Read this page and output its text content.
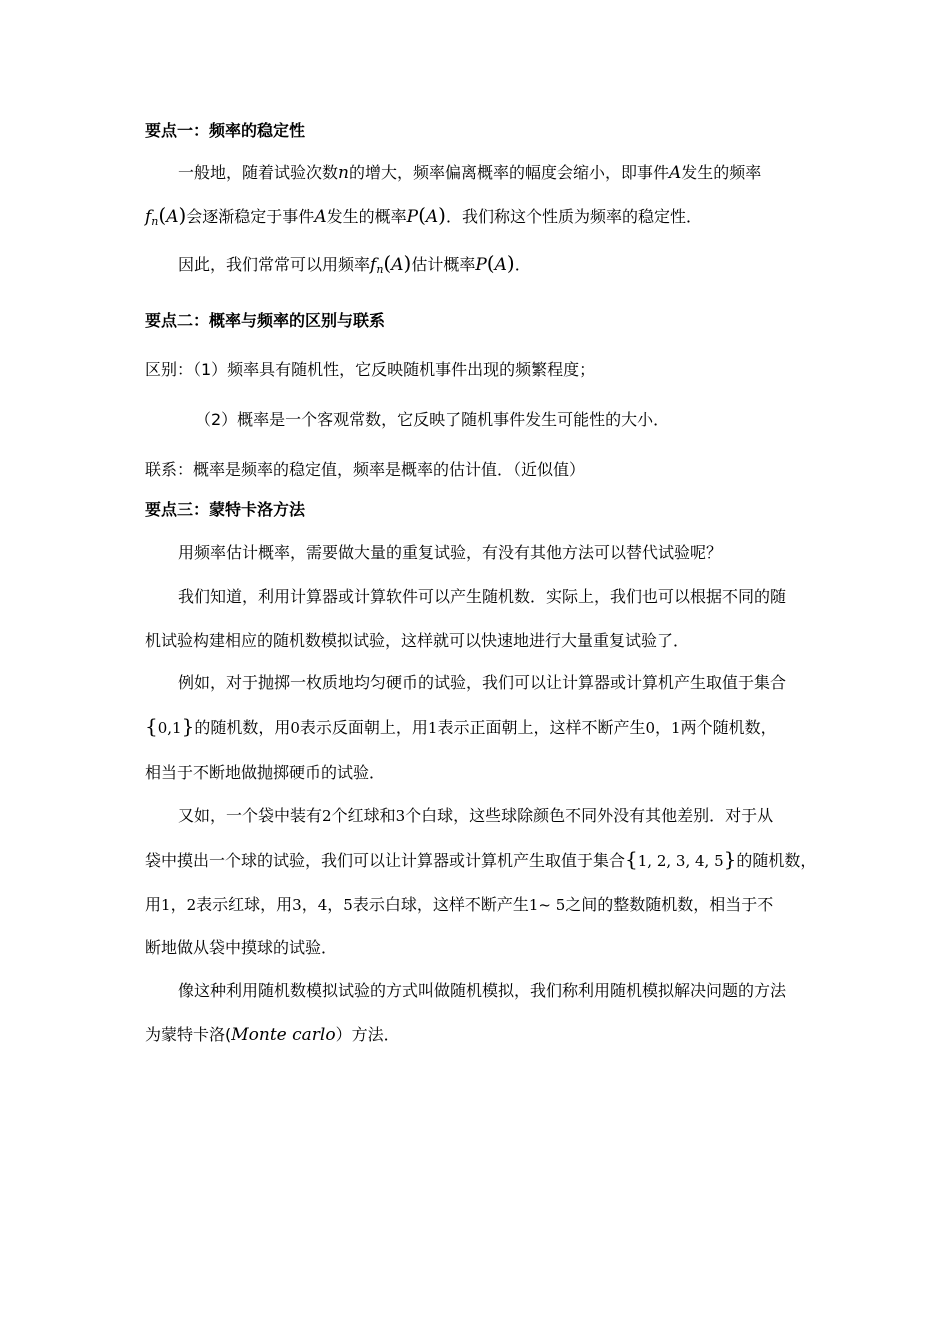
要点一：频率的稳定性
一般地，随着试验次数n的增大，频率偏离概率的幅度会缩小，即事件A发生的频率
$f_n(A)$会逐渐稳定于事件A发生的概率P(A)．我们称这个性质为频率的稳定性．
因此，我们常常可以用频率$f_n(A)$估计概率P(A)．
要点二：概率与频率的区别与联系
区别：（1）频率具有随机性，它反映随机事件出现的频繁程度；
（2）概率是一个客观常数，它反映了随机事件发生可能性的大小．
联系：概率是频率的稳定值，频率是概率的估计值．（近似值）
要点三：蒙特卡洛方法
用频率估计概率，需要做大量的重复试验，有没有其他方法可以替代试验呢？
我们知道，利用计算器或计算软件可以产生随机数．实际上，我们也可以根据不同的随
机试验构建相应的随机数模拟试验，这样就可以快速地进行大量重复试验了．
例如，对于抛掷一枚质地均匀硬币的试验，我们可以让计算器或计算机产生取值于集合
{0,1}的随机数，用0表示反面朝上，用1表示正面朝上，这样不断产生0，1两个随机数，
相当于不断地做抛掷硬币的试验．
又如，一个袋中装有2个红球和3个白球，这些球除颜色不同外没有其他差别．对于从
袋中摸出一个球的试验，我们可以让计算器或计算机产生取值于集合{1, 2, 3, 4, 5}的随机数，
用1，2表示红球，用3，4，5表示白球，这样不断产生1~ 5之间的整数随机数，相当于不
断地做从袋中摸球的试验．
像这种利用随机数模拟试验的方式叫做随机模拟，我们称利用随机模拟解决问题的方法
为蒙特卡洛(Monte carlo）方法．
